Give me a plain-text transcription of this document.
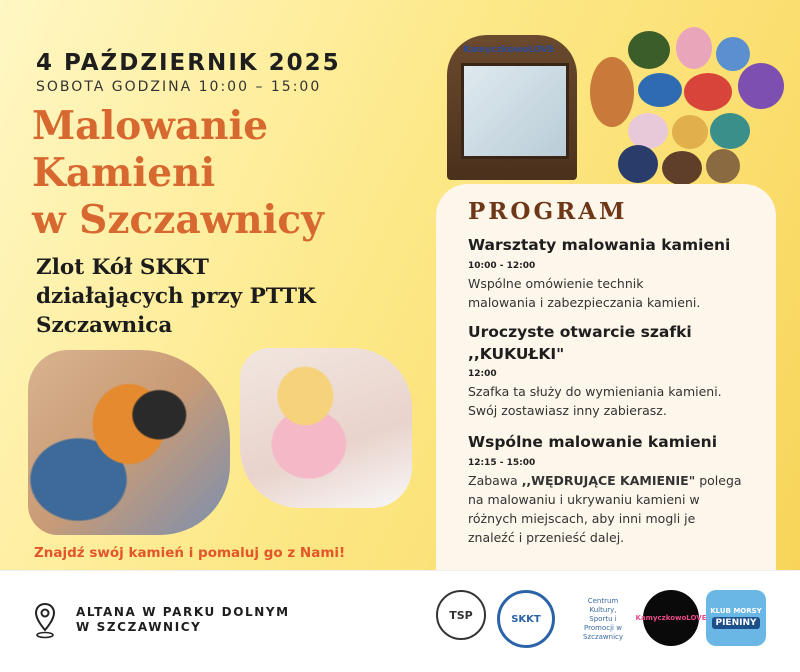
4 PAŹDZIERNIK 2025
SOBOTA GODZINA 10:00 – 15:00
Malowanie
Kamieni
w Szczawnicy
Zlot Kół SKKT
działających przy PTTK
Szczawnica
KamyczkowoLOVE
PROGRAM
Warsztaty malowania kamieni
10:00 - 12:00
Wspólne omówienie technik
malowania i zabezpieczania kamieni.
Uroczyste otwarcie szafki
,,KUKUŁKI"
12:00
Szafka ta służy do wymieniania kamieni.
Swój zostawiasz inny zabierasz.
Wspólne malowanie kamieni
12:15 - 15:00
Zabawa ,,WĘDRUJĄCE KAMIENIE" polega
na malowaniu i ukrywaniu kamieni w
różnych miejscach, aby inni mogli je
znaleźć i przenieść dalej.
Znajdź swój kamień i pomaluj go z Nami!
ALTANA W PARKU DOLNYM
W SZCZAWNICY
TSP	SKKT
Centrum Kultury, Sportu i Promocji w Szczawnicy
KamyczkowoLOVE
KLUB MORSY
PIENINY
